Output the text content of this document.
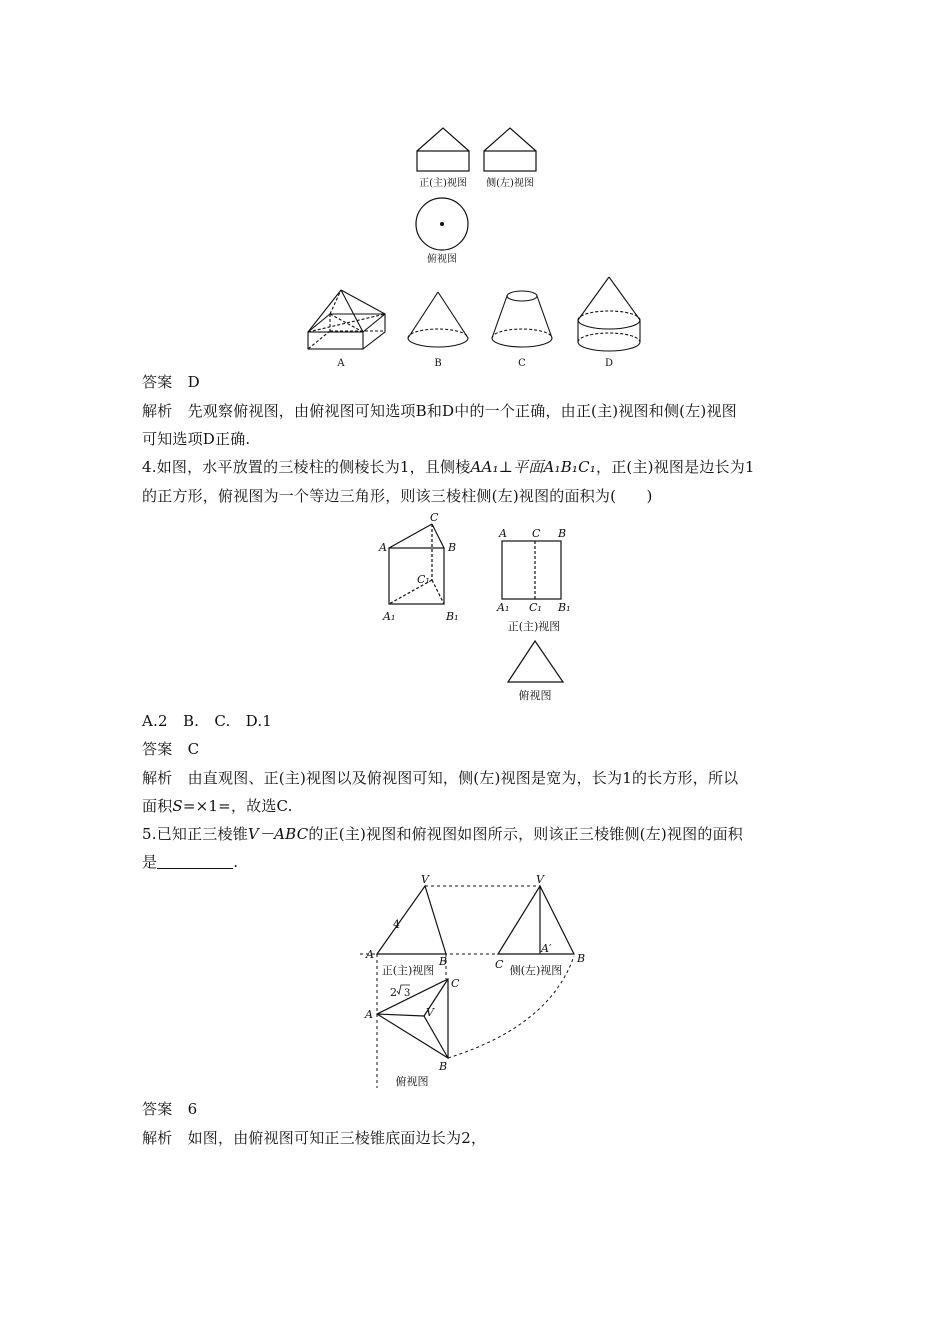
正(主)视图 侧(左)视图
俯视图
A	B	C	D
答案　D
解析　先观察俯视图，由俯视图可知选项B和D中的一个正确，由正(主)视图和侧(左)视图
可知选项D正确.
4.如图，水平放置的三棱柱的侧棱长为1，且侧棱AA₁⊥平面A₁B₁C₁，正(主)视图是边长为1
的正方形，俯视图为一个等边三角形，则该三棱柱侧(左)视图的面积为(　　)
C
A	B
C₁
A₁	B₁
A C B
A₁ C₁ B₁
正(主)视图
俯视图
A.2　B.　C.　D.1
答案　C
解析　由直观图、正(主)视图以及俯视图可知，侧(左)视图是宽为，长为1的长方形，所以
面积S=×1=，故选C.
5.已知正三棱锥V－ABC的正(主)视图和俯视图如图所示，则该正三棱锥侧(左)视图的面积
是	.
V
A
B
V
C
A′
B
A	V
C
B
4
2 3
正(主)视图	侧(左)视图
俯视图
答案　6
解析　如图，由俯视图可知正三棱锥底面边长为2，
